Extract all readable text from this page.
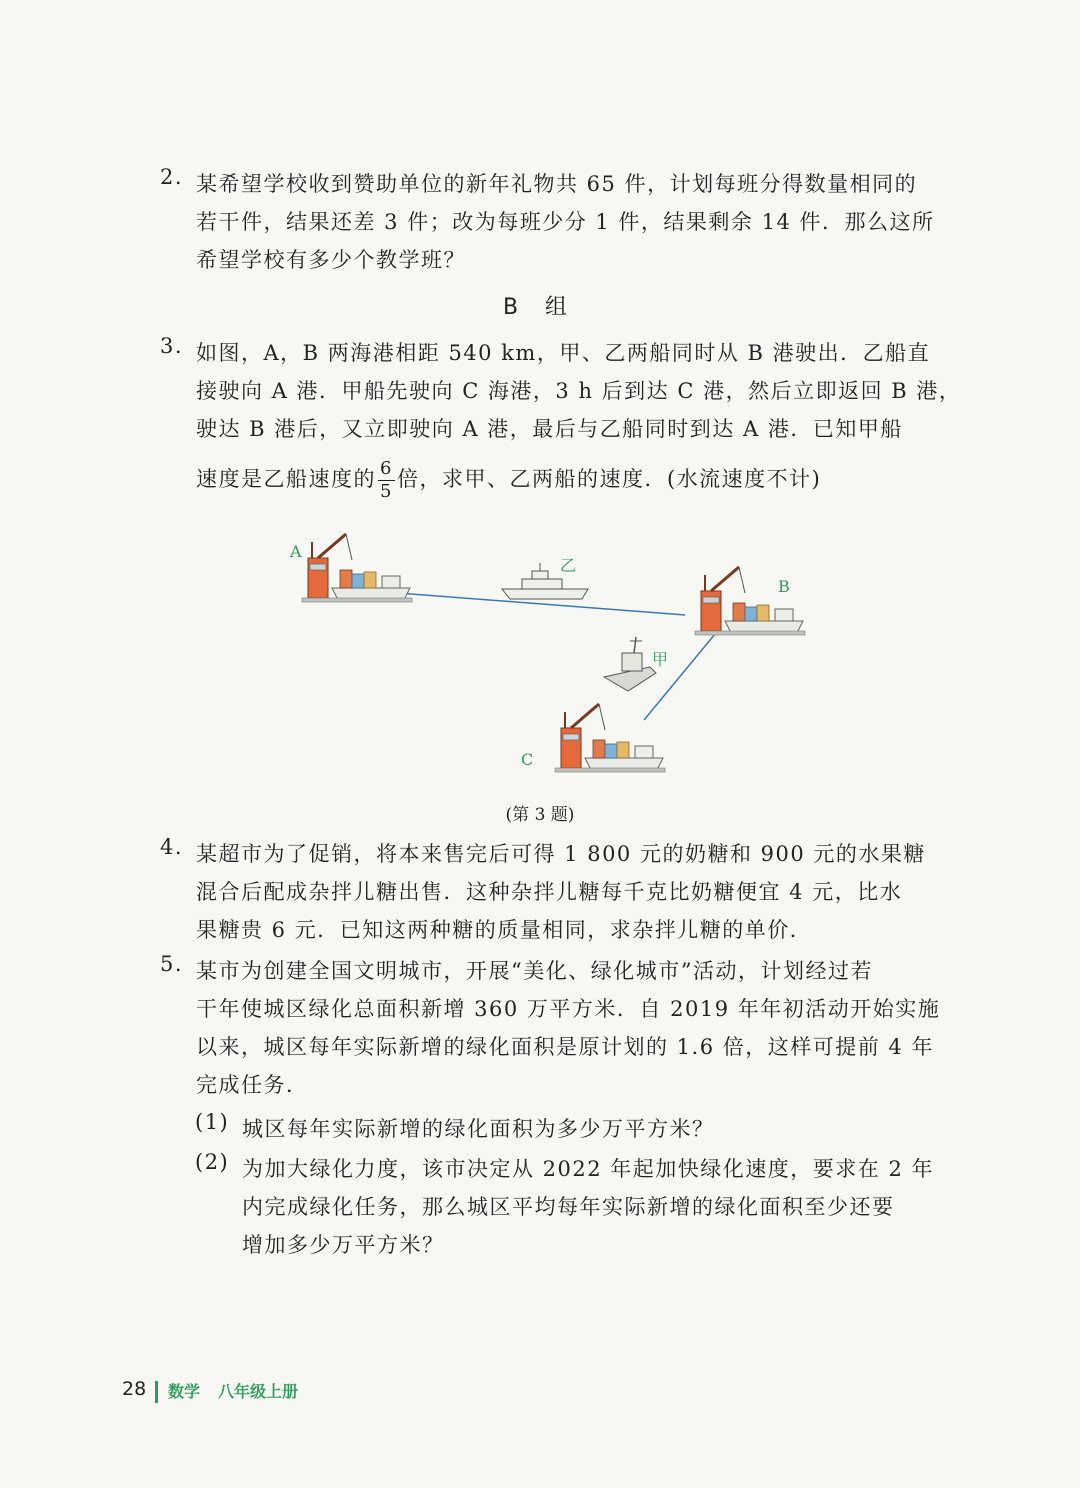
2. 某希望学校收到赞助单位的新年礼物共 65 件，计划每班分得数量相同的
若干件，结果还差 3 件；改为每班少分 1 件，结果剩余 14 件．那么这所
希望学校有多少个教学班？
B 组
3. 如图，A，B 两海港相距 540 km，甲、乙两船同时从 B 港驶出．乙船直
接驶向 A 港．甲船先驶向 C 海港，3 h 后到达 C 港，然后立即返回 B 港，
驶达 B 港后，又立即驶向 A 港，最后与乙船同时到达 A 港．已知甲船
速度是乙船速度的 $\frac{6}{5}$ 倍，求甲、乙两船的速度．(水流速度不计)
A
B
C
乙
甲
(第 3 题)
4. 某超市为了促销，将本来售完后可得 1 800 元的奶糖和 900 元的水果糖
混合后配成杂拌儿糖出售．这种杂拌儿糖每千克比奶糖便宜 4 元，比水
果糖贵 6 元．已知这两种糖的质量相同，求杂拌儿糖的单价．
5. 某市为创建全国文明城市，开展“美化、绿化城市”活动，计划经过若
干年使城区绿化总面积新增 360 万平方米．自 2019 年年初活动开始实施
以来，城区每年实际新增的绿化面积是原计划的 1.6 倍，这样可提前 4 年
完成任务．
(1) 城区每年实际新增的绿化面积为多少万平方米？
(2) 为加大绿化力度，该市决定从 2022 年起加快绿化速度，要求在 2 年
内完成绿化任务，那么城区平均每年实际新增的绿化面积至少还要
增加多少万平方米？
28 数学 八年级上册
